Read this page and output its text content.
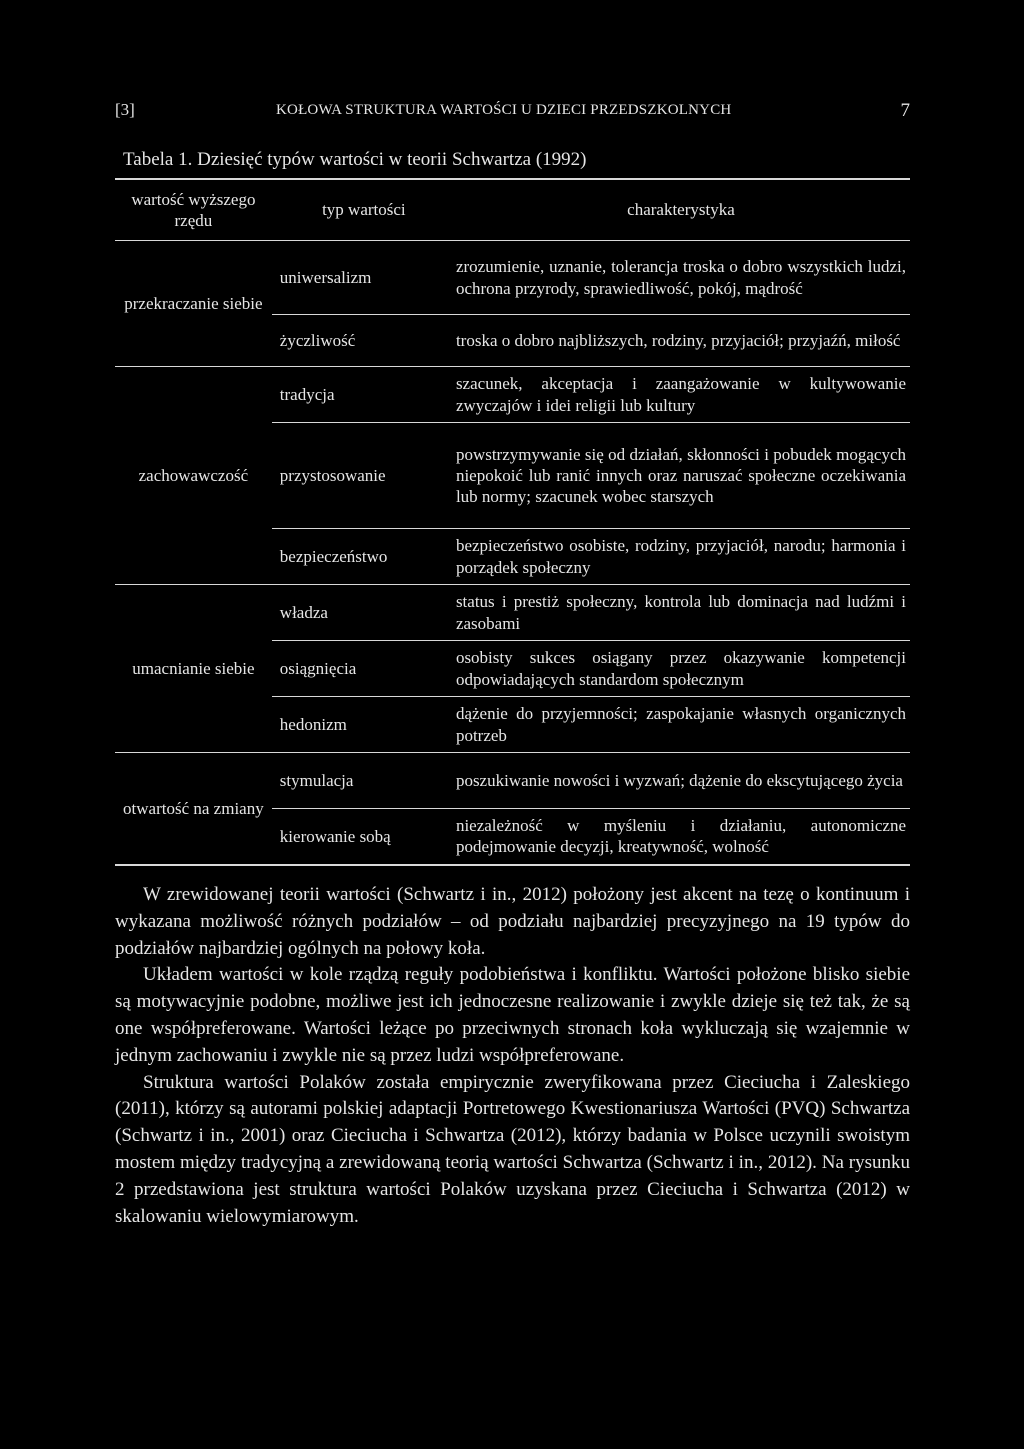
[3]	KOŁOWA STRUKTURA WARTOŚCI U DZIECI PRZEDSZKOLNYCH	7
Tabela 1. Dziesięć typów wartości w teorii Schwartza (1992)
wartość wyższego rzędu	typ wartości	charakterystyka
przekraczanie siebie	uniwersalizm	zrozumienie, uznanie, tolerancja troska o dobro wszystkich ludzi, ochrona przyrody, sprawiedliwość, pokój, mądrość
	życzliwość	troska o dobro najbliższych, rodziny, przyjaciół; przyjaźń, miłość
zachowawczość	tradycja	szacunek, akceptacja i zaangażowanie w kultywowanie zwyczajów i idei religii lub kultury
	przystosowanie	powstrzymywanie się od działań, skłonności i pobudek mogących niepokoić lub ranić innych oraz naruszać społeczne oczekiwania lub normy; szacunek wobec starszych
	bezpieczeństwo	bezpieczeństwo osobiste, rodziny, przyjaciół, narodu; harmonia i porządek społeczny
umacnianie siebie	władza	status i prestiż społeczny, kontrola lub dominacja nad ludźmi i zasobami
	osiągnięcia	osobisty sukces osiągany przez okazywanie kompetencji odpowiadających standardom społecznym
	hedonizm	dążenie do przyjemności; zaspokajanie własnych organicznych potrzeb
otwartość na zmiany	stymulacja	poszukiwanie nowości i wyzwań; dążenie do ekscytującego życia
	kierowanie sobą	niezależność w myśleniu i działaniu, autonomiczne podejmowanie decyzji, kreatywność, wolność

W zrewidowanej teorii wartości (Schwartz i in., 2012) położony jest akcent na tezę o kontinuum i wykazana możliwość różnych podziałów – od podziału najbardziej precyzyjnego na 19 typów do podziałów najbardziej ogólnych na połowy koła.

Układem wartości w kole rządzą reguły podobieństwa i konfliktu. Wartości położone blisko siebie są motywacyjnie podobne, możliwe jest ich jednoczesne realizowanie i zwykle dzieje się też tak, że są one współpreferowane. Wartości leżące po przeciwnych stronach koła wykluczają się wzajemnie w jednym zachowaniu i zwykle nie są przez ludzi współpreferowane.

Struktura wartości Polaków została empirycznie zweryfikowana przez Cieciucha i Zaleskiego (2011), którzy są autorami polskiej adaptacji Portretowego Kwestionariusza Wartości (PVQ) Schwartza (Schwartz i in., 2001) oraz Cieciucha i Schwartza (2012), którzy badania w Polsce uczynili swoistym mostem między tradycyjną a zrewidowaną teorią wartości Schwartza (Schwartz i in., 2012). Na rysunku 2 przedstawiona jest struktura wartości Polaków uzyskana przez Cieciucha i Schwartza (2012) w skalowaniu wielowymiarowym.
